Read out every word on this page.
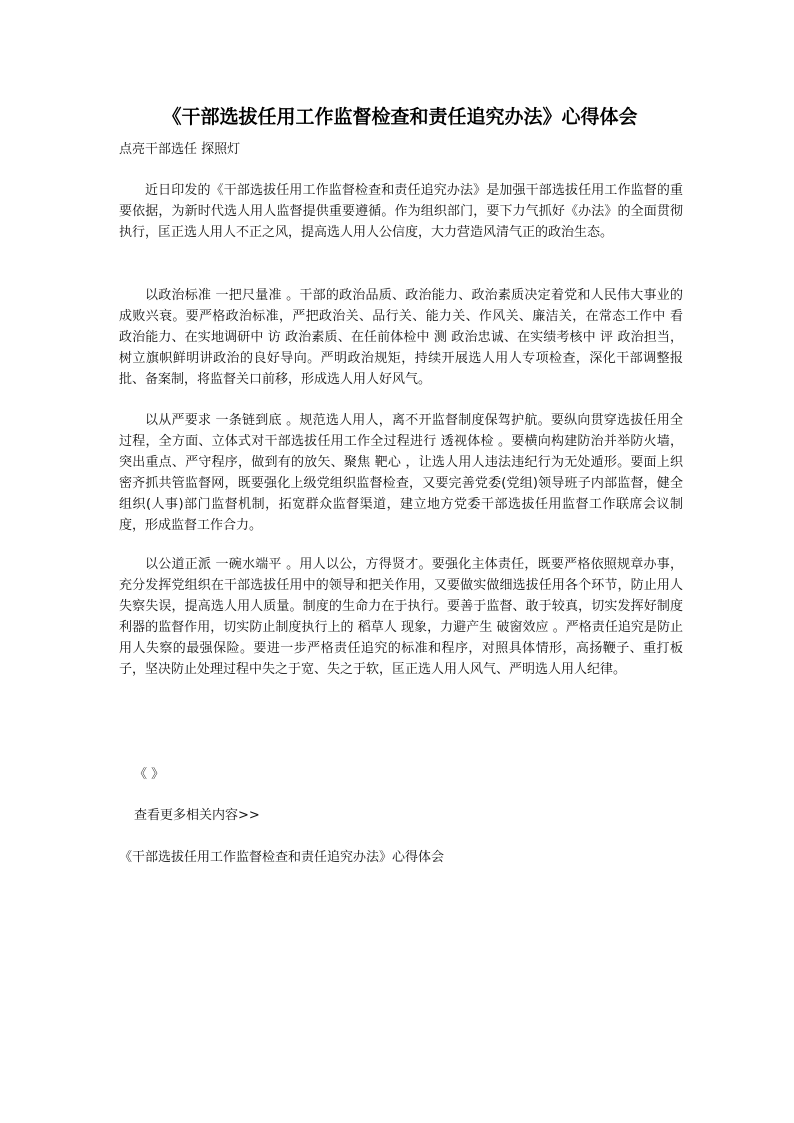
《干部选拔任用工作监督检查和责任追究办法》心得体会
点亮干部选任 探照灯

近日印发的《干部选拔任用工作监督检查和责任追究办法》是加强干部选拔任用工作监督的重要依据，为新时代选人用人监督提供重要遵循。作为组织部门，要下力气抓好《办法》的全面贯彻执行，匡正选人用人不正之风，提高选人用人公信度，大力营造风清气正的政治生态。

以政治标准 一把尺量准 。干部的政治品质、政治能力、政治素质决定着党和人民伟大事业的成败兴衰。要严格政治标准，严把政治关、品行关、能力关、作风关、廉洁关，在常态工作中 看 政治能力、在实地调研中 访 政治素质、在任前体检中 测 政治忠诚、在实绩考核中 评 政治担当，树立旗帜鲜明讲政治的良好导向。严明政治规矩，持续开展选人用人专项检查，深化干部调整报批、备案制，将监督关口前移，形成选人用人好风气。

以从严要求 一条链到底 。规范选人用人，离不开监督制度保驾护航。要纵向贯穿选拔任用全过程，全方面、立体式对干部选拔任用工作全过程进行 透视体检 。要横向构建防治并举防火墙，突出重点、严守程序，做到有的放矢、聚焦 靶心 ，让选人用人违法违纪行为无处遁形。要面上织密齐抓共管监督网，既要强化上级党组织监督检查，又要完善党委(党组)领导班子内部监督，健全组织(人事)部门监督机制，拓宽群众监督渠道，建立地方党委干部选拔任用监督工作联席会议制度，形成监督工作合力。

以公道正派 一碗水端平 。用人以公，方得贤才。要强化主体责任，既要严格依照规章办事，充分发挥党组织在干部选拔任用中的领导和把关作用，又要做实做细选拔任用各个环节，防止用人失察失误，提高选人用人质量。制度的生命力在于执行。要善于监督、敢于较真，切实发挥好制度利器的监督作用，切实防止制度执行上的 稻草人 现象，力避产生 破窗效应 。严格责任追究是防止用人失察的最强保险。要进一步严格责任追究的标准和程序，对照具体情形，高扬鞭子、重打板子，坚决防止处理过程中失之于宽、失之于软，匡正选人用人风气、严明选人用人纪律。

《 》
查看更多相关内容>>
《干部选拔任用工作监督检查和责任追究办法》心得体会
